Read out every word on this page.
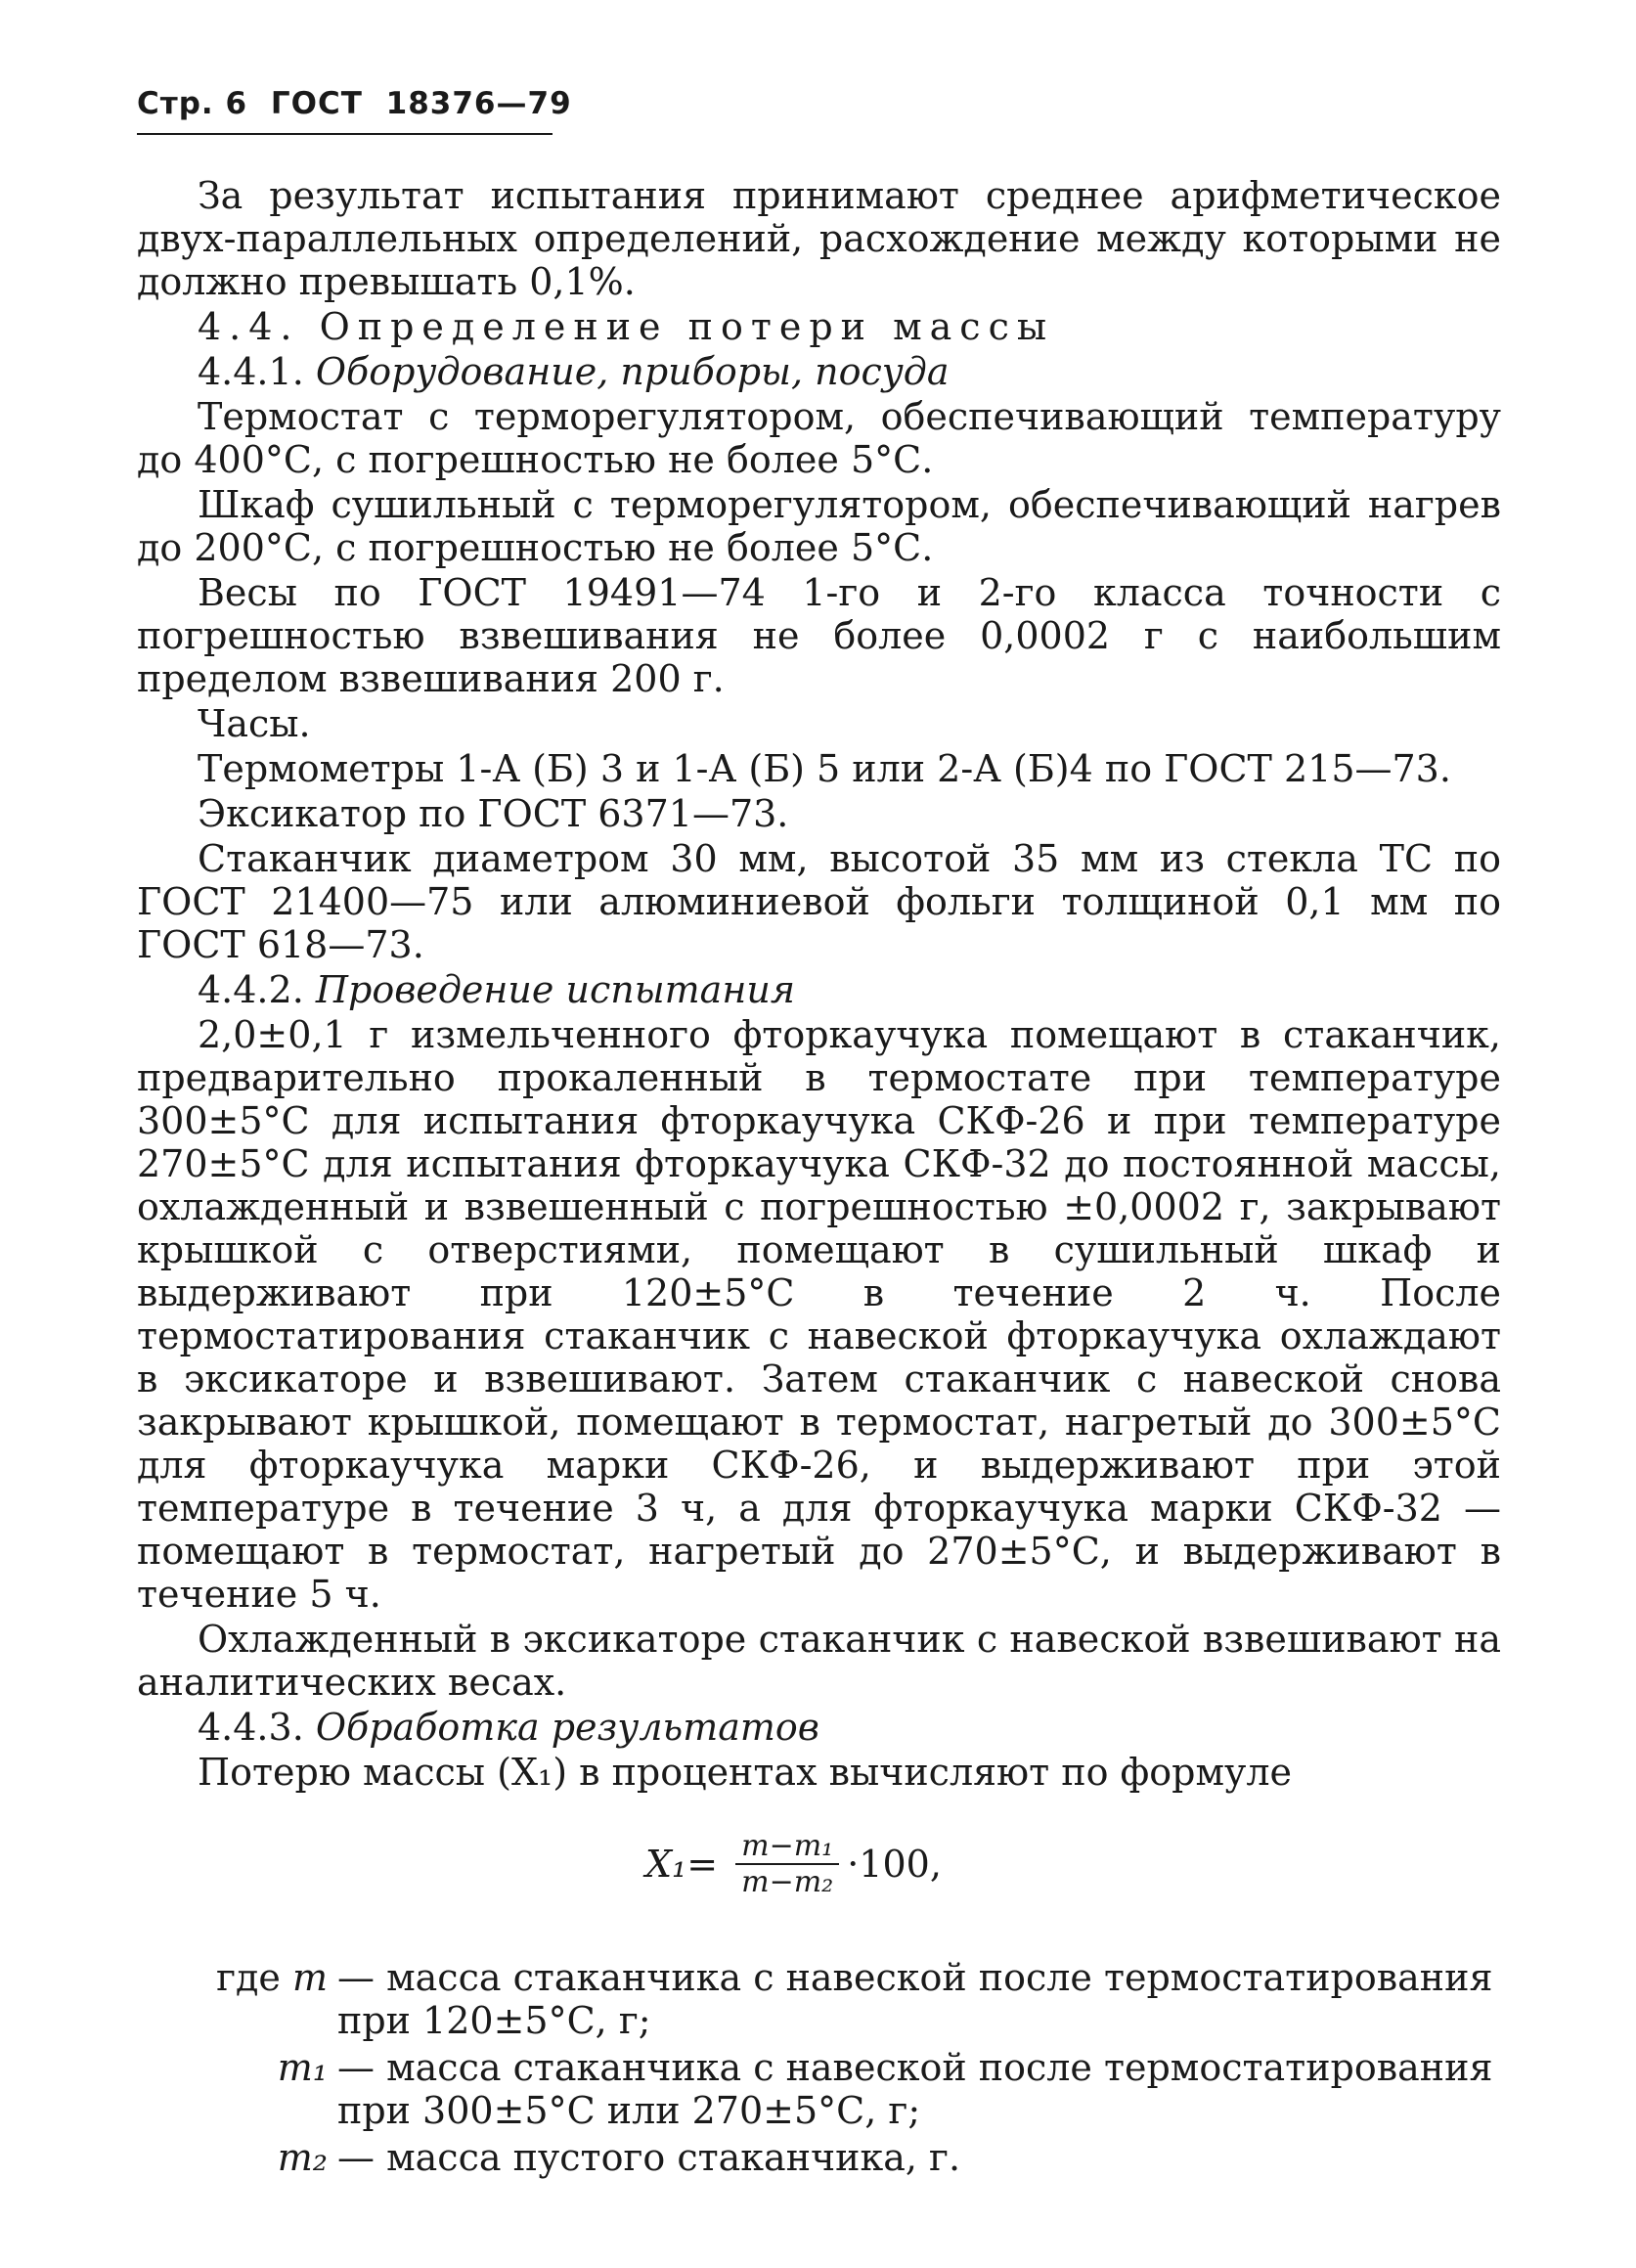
Стр. 6 ГОСТ 18376—79

За результат испытания принимают среднее арифметическое двух-параллельных определений, расхождение между которыми не должно превышать 0,1%.

4.4. Определение потери массы

4.4.1. Оборудование, приборы, посуда

Термостат с терморегулятором, обеспечивающий температуру до 400°С, с погрешностью не более 5°С.

Шкаф сушильный с терморегулятором, обеспечивающий нагрев до 200°С, с погрешностью не более 5°С.

Весы по ГОСТ 19491—74 1-го и 2-го класса точности с погрешностью взвешивания не более 0,0002 г с наибольшим пределом взвешивания 200 г.

Часы.

Термометры 1-А (Б) 3 и 1-А (Б) 5 или 2-А (Б)4 по ГОСТ 215—73.

Эксикатор по ГОСТ 6371—73.

Стаканчик диаметром 30 мм, высотой 35 мм из стекла ТС по ГОСТ 21400—75 или алюминиевой фольги толщиной 0,1 мм по ГОСТ 618—73.

4.4.2. Проведение испытания

2,0±0,1 г измельченного фторкаучука помещают в стаканчик, предварительно прокаленный в термостате при температуре 300±5°С для испытания фторкаучука СКФ-26 и при температуре 270±5°С для испытания фторкаучука СКФ-32 до постоянной массы, охлажденный и взвешенный с погрешностью ±0,0002 г, закрывают крышкой с отверстиями, помещают в сушильный шкаф и выдерживают при 120±5°С в течение 2 ч. После термостатирования стаканчик с навеской фторкаучука охлаждают в эксикаторе и взвешивают. Затем стаканчик с навеской снова закрывают крышкой, помещают в термостат, нагретый до 300±5°С для фторкаучука марки СКФ-26, и выдерживают при этой температуре в течение 3 ч, а для фторкаучука марки СКФ-32 — помещают в термостат, нагретый до 270±5°С, и выдерживают в течение 5 ч.

Охлажденный в эксикаторе стаканчик с навеской взвешивают на аналитических весах.

4.4.3. Обработка результатов

Потерю массы (X₁) в процентах вычисляют по формуле

$X_1= \frac{\text{m−m₁}}{\text{m−m₂}} \cdot 100$,
где m — масса стаканчика с навеской после термостатирования при 120±5°С, г;
m₁ — масса стаканчика с навеской после термостатирования при 300±5°С или 270±5°С, г;
m₂ — масса пустого стаканчика, г.
